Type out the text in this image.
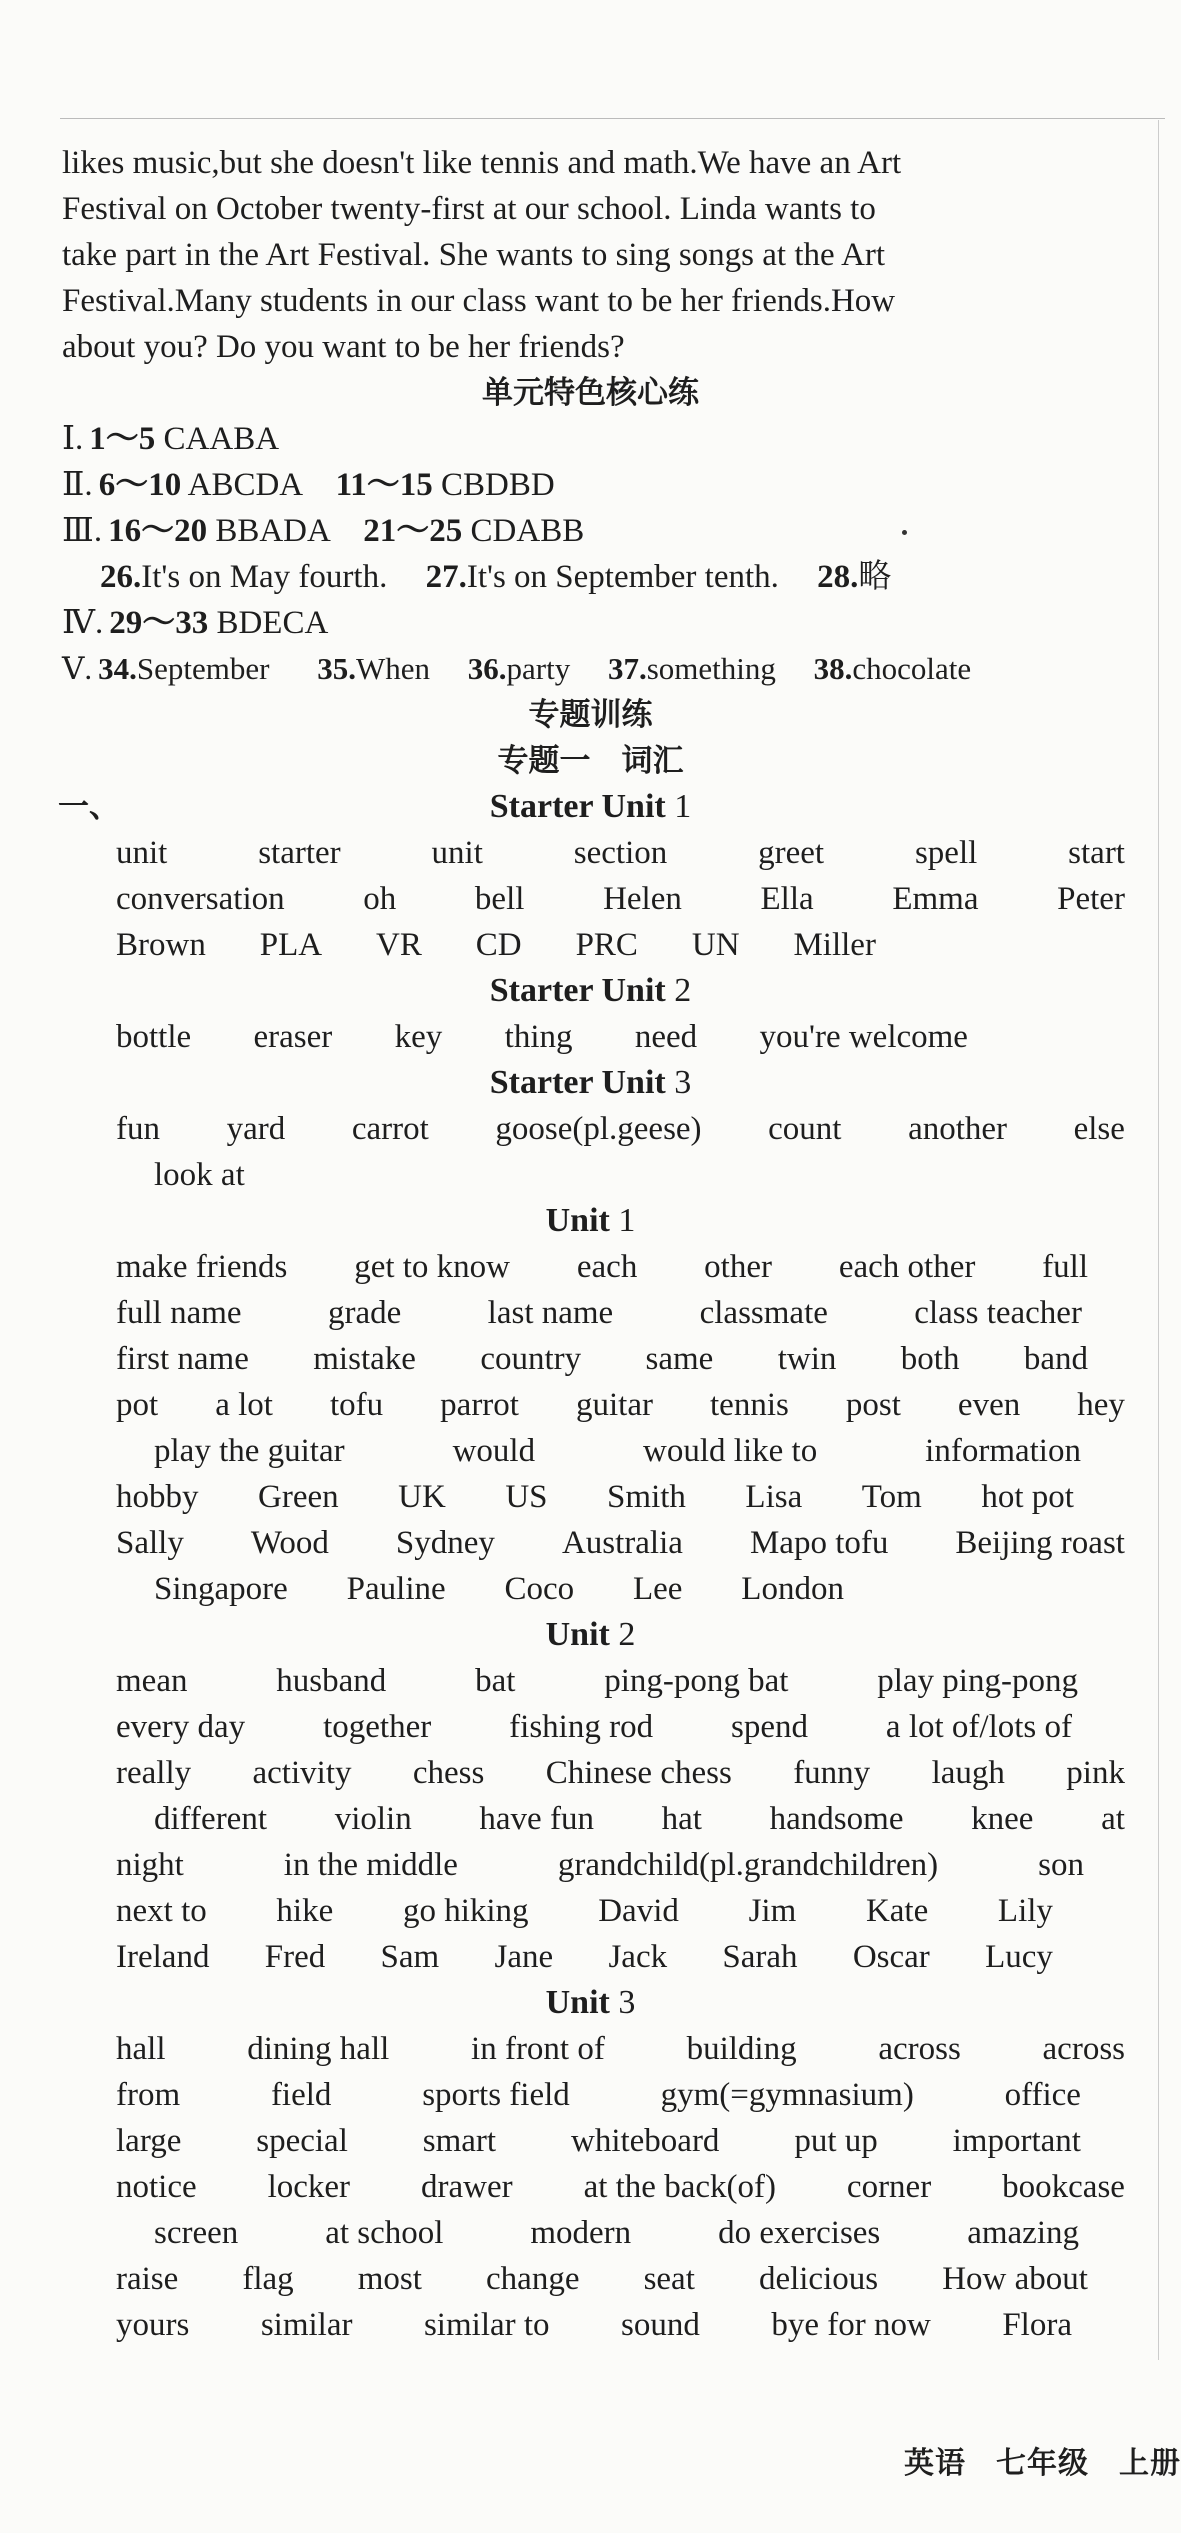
likes music,but she doesn't like tennis and math.We have an Art
Festival on October twenty-first at our school. Linda wants to
take part in the Art Festival. She wants to sing songs at the Art
Festival.Many students in our class want to be her friends.How
about you? Do you want to be her friends?
单元特色核心练
Ⅰ. 1～5 CAABA
Ⅱ. 6～10 ABCDA 11～15 CBDBD
Ⅲ. 16～20 BBADA 21～25 CDABB
26.It's on May fourth. 27.It's on September tenth. 28.略
Ⅳ. 29～33 BDECA
Ⅴ. 34.September 35.When 36.party 37.something 38.chocolate
专题训练
专题一　词汇
一、	Starter Unit 1
unit	starter	unit	section	greet	spell	start
conversation oh bell Helen Ella Emma Peter
Brown PLA VR CD PRC UN Miller
Starter Unit 2
bottle eraser key thing need you're welcome
Starter Unit 3
fun yard carrot goose(pl.geese) count another else
look at
Unit 1
make friends get to know each other each other full
full name	grade	last name	classmate	class teacher
first name mistake country same twin both band
pot a lot tofu parrot guitar tennis post even hey
play the guitar	would	would like to	information
hobby Green UK US Smith Lisa Tom hot pot
Sally Wood Sydney Australia Mapo tofu Beijing roast
Singapore Pauline Coco Lee London
Unit 2
mean	husband	bat	ping-pong bat	play ping-pong
every day together fishing rod spend a lot of/lots of
really activity chess Chinese chess funny laugh pink
different violin have fun hat handsome knee at
night	in the middle	grandchild(pl.grandchildren)	son
next to hike go hiking David Jim Kate Lily
Ireland Fred Sam Jane Jack Sarah Oscar Lucy
Unit 3
hall dining hall in front of building across across
from	field	sports field	gym(=gymnasium)	office
large special smart whiteboard put up important
notice locker drawer at the back(of) corner bookcase
screen	at school	modern	do exercises	amazing
raise flag most change seat delicious How about
yours similar similar to sound bye for now Flora
英语 七年级 上册
